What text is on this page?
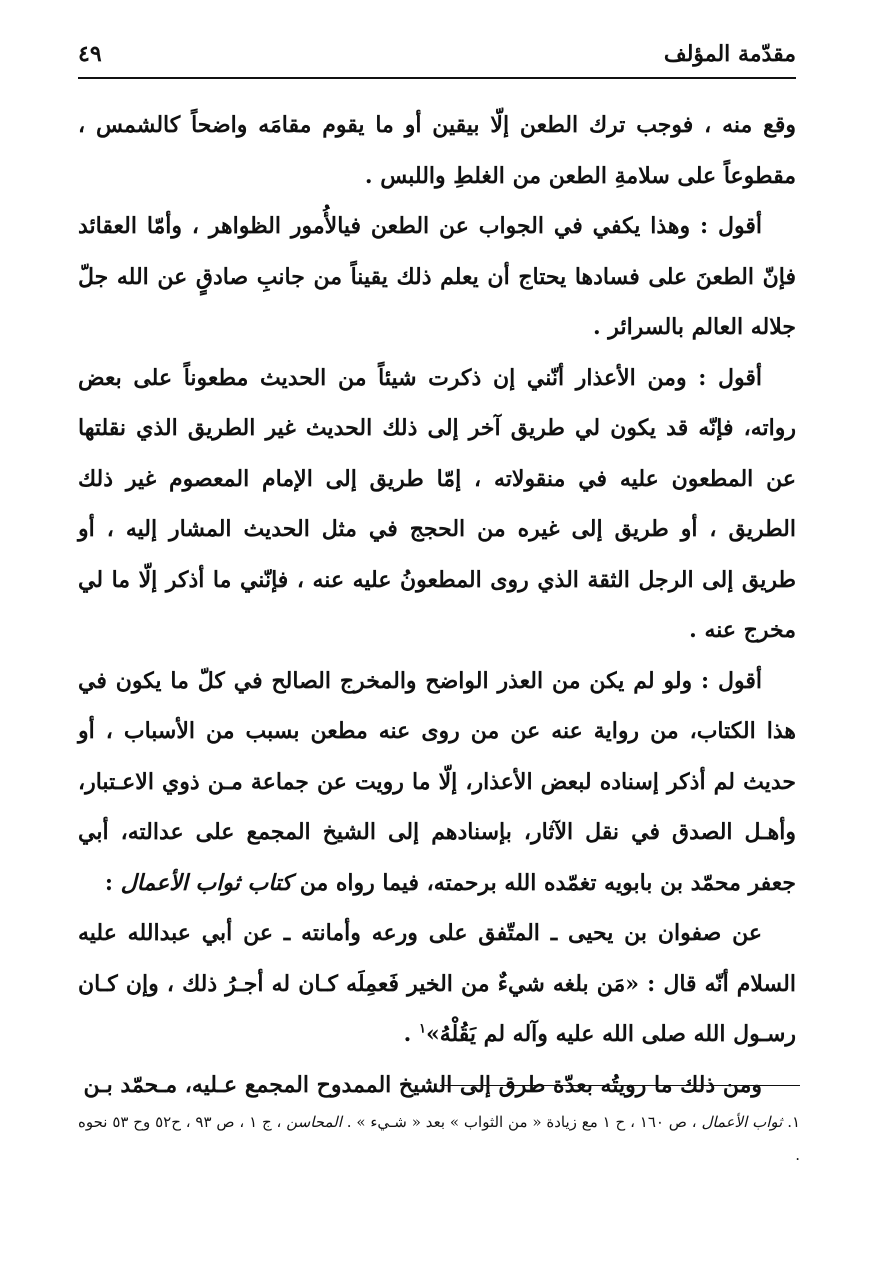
مقدّمة المؤلف
٤٩

وقع منه ، فوجب ترك الطعن إلّا بيقين أو ما يقوم مقامَه واضحاً كالشمس ، مقطوعاً على سلامةِ الطعن من الغلطِ واللبس .

أقول : وهذا يكفي في الجواب عن الطعن فيالأُمور الظواهر ، وأمّا العقائد فإنّ الطعنَ على فسادها يحتاج أن يعلم ذلك يقيناً من جانبِ صادقٍ عن الله جلّ جلاله العالم بالسرائر .

أقول : ومن الأعذار أنّني إن ذكرت شيئاً من الحديث مطعوناً على بعض رواته، فإنّه قد يكون لي طريق آخر إلى ذلك الحديث غير الطريق الذي نقلتها عن المطعون عليه في منقولاته ، إمّا طريق إلى الإمام المعصوم غير ذلك الطريق ، أو طريق إلى غيره من الحجج في مثل الحديث المشار إليه ، أو طريق إلى الرجل الثقة الذي روى المطعونُ عليه عنه ، فإنّني ما أذكر إلّا ما لي مخرج عنه .

أقول : ولو لم يكن من العذر الواضح والمخرج الصالح في كلّ ما يكون في هذا الكتاب، من رواية عنه عن من روى عنه مطعن بسبب من الأسباب ، أو حديث لم أذكر إسناده لبعض الأعذار، إلّا ما رويت عن جماعة مـن ذوي الاعـتبار، وأهـل الصدق في نقل الآثار، بإسنادهم إلى الشيخ المجمع على عدالته، أبي جعفر محمّد بن بابويه تغمّده الله برحمته، فيما رواه من كتاب ثواب الأعمال :

عن صفوان بن يحيى ـ المتّفق على ورعه وأمانته ـ عن أبي عبدالله عليه السلام أنّه قال : «مَن بلغه شيءٌ من الخير فَعمِلَه كـان له أجـرُ ذلك ، وإن كـان رسـول الله صلى الله عليه وآله لم يَقُلْهُ»$^١$ .

ومن ذلك ما رويتُه بعدّة طرق إلى الشيخ الممدوح المجمع عـليه، مـحمّد بـن

١. ثواب الأعمال ، ص ١٦٠ ، ح ١ مع زيادة « من الثواب » بعد « شـيء » . المحاسن ، ج ١ ، ص ٩٣ ، ح٥٢ وح ٥٣ نحوه .
